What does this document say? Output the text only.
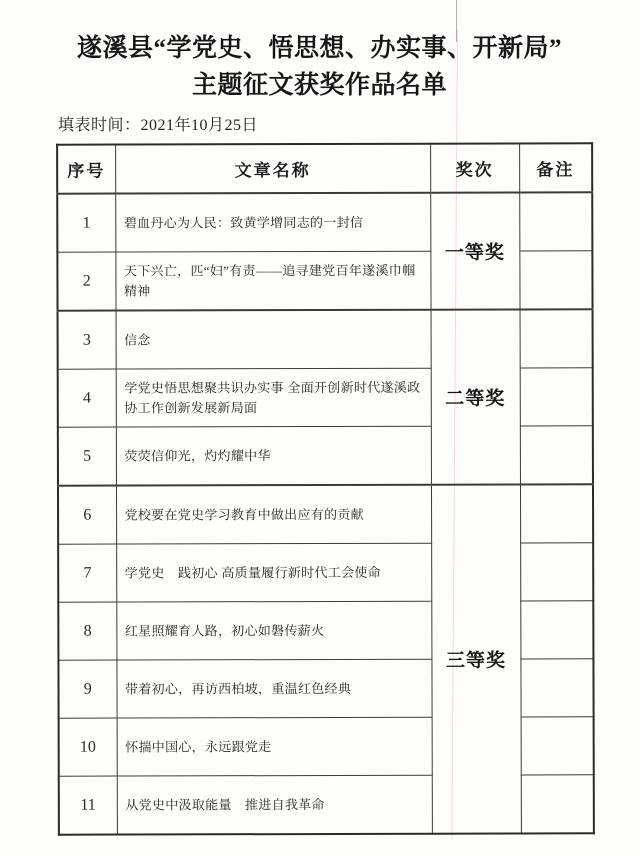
遂溪县“学党史、悟思想、办实事、开新局”
主题征文获奖作品名单
填表时间：2021年10月25日
序号	文章名称	奖次	备注
1	碧血丹心为人民：致黄学增同志的一封信	一等奖	
2	天下兴亡，匹“妇”有责——追寻建党百年遂溪巾帼精神		
3	信念	二等奖	
4	学党史悟思想聚共识办实事 全面开创新时代遂溪政协工作创新发展新局面		
5	荧荧信仰光，灼灼耀中华		
6	党校要在党史学习教育中做出应有的贡献	三等奖	
7	学党史　践初心 高质量履行新时代工会使命		
8	红星照耀育人路，初心如磐传薪火		
9	带着初心，再访西柏坡，重温红色经典		
10	怀揣中国心，永远跟党走		
11	从党史中汲取能量　推进自我革命		
